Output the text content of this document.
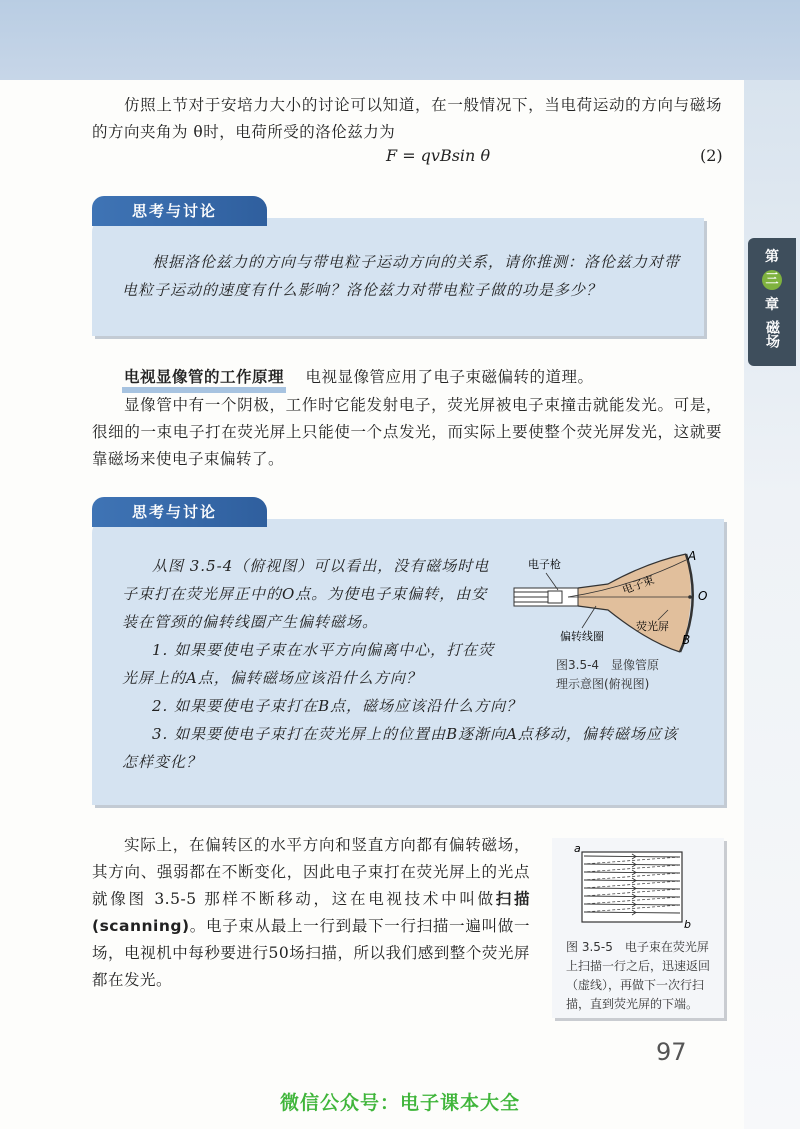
第
三
章
磁场
仿照上节对于安培力大小的讨论可以知道，在一般情况下，当电荷运动的方向与磁场的方向夹角为 θ时，电荷所受的洛伦兹力为
F = qvBsin θ	(2)
思考与讨论
根据洛伦兹力的方向与带电粒子运动方向的关系，请你推测：洛伦兹力对带电粒子运动的速度有什么影响？洛伦兹力对带电粒子做的功是多少？
电视显像管的工作原理 电视显像管应用了电子束磁偏转的道理。
显像管中有一个阴极，工作时它能发射电子，荧光屏被电子束撞击就能发光。可是，很细的一束电子打在荧光屏上只能使一个点发光，而实际上要使整个荧光屏发光，这就要靠磁场来使电子束偏转了。
思考与讨论
从图 3.5-4（俯视图）可以看出，没有磁场时电子束打在荧光屏正中的O点。为使电子束偏转，由安装在管颈的偏转线圈产生偏转磁场。
1. 如果要使电子束在水平方向偏离中心，打在荧光屏上的A点，偏转磁场应该沿什么方向？
2. 如果要使电子束打在B点，磁场应该沿什么方向？
3. 如果要使电子束打在荧光屏上的位置由B逐渐向A点移动，偏转磁场应该怎样变化？
电子枪
电子束
荧光屏
偏转线圈
A
O
B
图3.5-4　显像管原
理示意图(俯视图)
实际上，在偏转区的水平方向和竖直方向都有偏转磁场，其方向、强弱都在不断变化，因此电子束打在荧光屏上的光点就像图 3.5-5 那样不断移动，这在电视技术中叫做扫描(scanning)。电子束从最上一行到最下一行扫描一遍叫做一场，电视机中每秒要进行50场扫描，所以我们感到整个荧光屏都在发光。
a
b
图 3.5-5　电子束在荧光屏上扫描一行之后，迅速返回（虚线），再做下一次行扫描，直到荧光屏的下端。
97
微信公众号：电子课本大全
